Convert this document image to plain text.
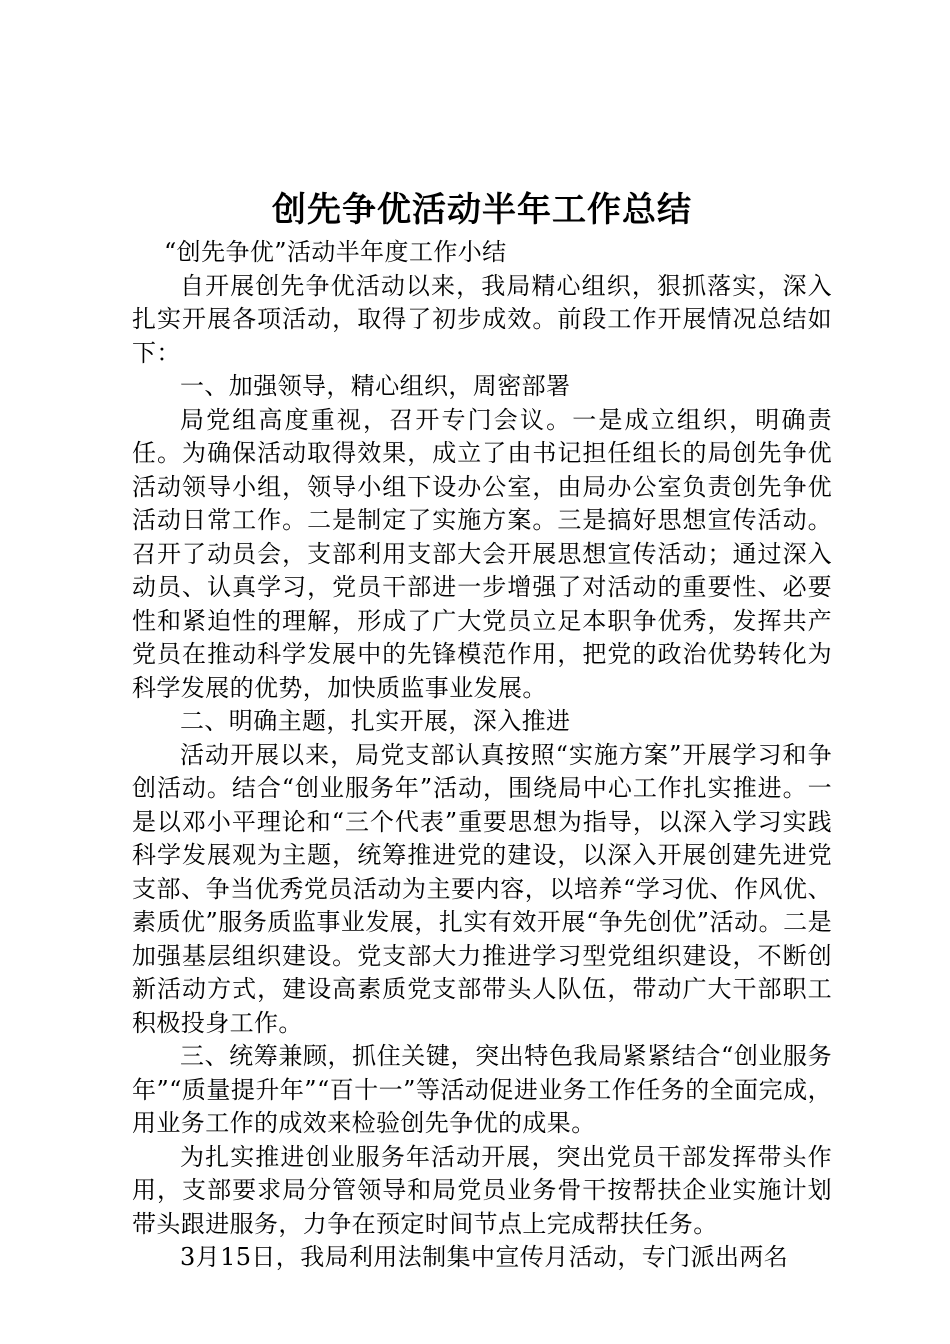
创先争优活动半年工作总结

“创先争优”活动半年度工作小结

自开展创先争优活动以来，我局精心组织，狠抓落实，深入扎实开展各项活动，取得了初步成效。前段工作开展情况总结如下：

一、加强领导，精心组织，周密部署

局党组高度重视，召开专门会议。一是成立组织，明确责任。为确保活动取得效果，成立了由书记担任组长的局创先争优活动领导小组，领导小组下设办公室，由局办公室负责创先争优活动日常工作。二是制定了实施方案。三是搞好思想宣传活动。召开了动员会，支部利用支部大会开展思想宣传活动；通过深入动员、认真学习，党员干部进一步增强了对活动的重要性、必要性和紧迫性的理解，形成了广大党员立足本职争优秀，发挥共产党员在推动科学发展中的先锋模范作用，把党的政治优势转化为科学发展的优势，加快质监事业发展。

二、明确主题，扎实开展，深入推进

活动开展以来，局党支部认真按照“实施方案”开展学习和争创活动。结合“创业服务年”活动，围绕局中心工作扎实推进。一是以邓小平理论和“三个代表”重要思想为指导，以深入学习实践科学发展观为主题，统筹推进党的建设，以深入开展创建先进党支部、争当优秀党员活动为主要内容，以培养“学习优、作风优、素质优”服务质监事业发展，扎实有效开展“争先创优”活动。二是加强基层组织建设。党支部大力推进学习型党组织建设，不断创新活动方式，建设高素质党支部带头人队伍，带动广大干部职工积极投身工作。

三、统筹兼顾，抓住关键，突出特色我局紧紧结合“创业服务年”“质量提升年”“百十一”等活动促进业务工作任务的全面完成，用业务工作的成效来检验创先争优的成果。

为扎实推进创业服务年活动开展，突出党员干部发挥带头作用，支部要求局分管领导和局党员业务骨干按帮扶企业实施计划带头跟进服务，力争在预定时间节点上完成帮扶任务。

3月15日，我局利用法制集中宣传月活动，专门派出两名
